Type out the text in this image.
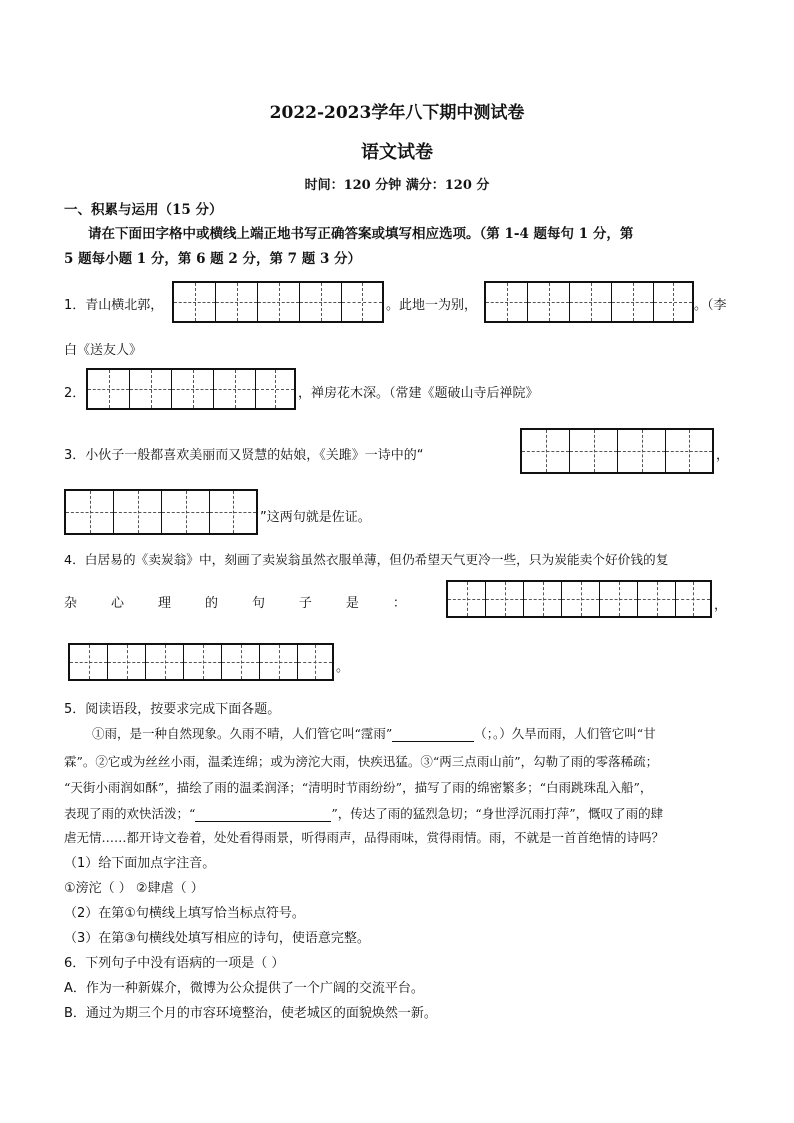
2022-2023学年八下期中测试卷
语文试卷
时间：120 分钟 满分：120 分
一、积累与运用（15 分）
请在下面田字格中或横线上端正地书写正确答案或填写相应选项。（第 1-4 题每句 1 分，第
5 题每小题 1 分，第 6 题 2 分，第 7 题 3 分）
1．青山横北郭，	。此地一为别，	。（李
白《送友人》
2．	，禅房花木深。（常建《题破山寺后禅院》
3．小伙子一般都喜欢美丽而又贤慧的姑娘，《关雎》一诗中的“	，
”这两句就是佐证。
4．白居易的《卖炭翁》中，刻画了卖炭翁虽然衣服单薄，但仍希望天气更冷一些，只为炭能卖个好价钱的复
杂	心	理	的	句	子	是	：	，
。
5．阅读语段，按要求完成下面各题。
①雨，是一种自然现象。久雨不晴，人们管它叫“霪雨”	（；。）久旱而雨，人们管它叫“甘
霖”。②它或为丝丝小雨，温柔连绵；或为滂沱大雨，快疾迅猛。③“两三点雨山前”，勾勒了雨的零落稀疏；
“天街小雨润如酥”，描绘了雨的温柔润泽；“清明时节雨纷纷”，描写了雨的绵密繁多；“白雨跳珠乱入船”，
表现了雨的欢快活泼；“	”，传达了雨的猛烈急切；“身世浮沉雨打萍”，慨叹了雨的肆
虐无情……都开诗文卷着，处处看得雨景，听得雨声，品得雨味，赏得雨情。雨，不就是一首首绝情的诗吗？
（1）给下面加点字注音。
①滂沱（ ） ②肆虐（ ）
（2）在第①句横线上填写恰当标点符号。
（3）在第③句横线处填写相应的诗句，使语意完整。
6．下列句子中没有语病的一项是（ ）
A．作为一种新媒介，微博为公众提供了一个广阔的交流平台。
B．通过为期三个月的市容环境整治，使老城区的面貌焕然一新。
